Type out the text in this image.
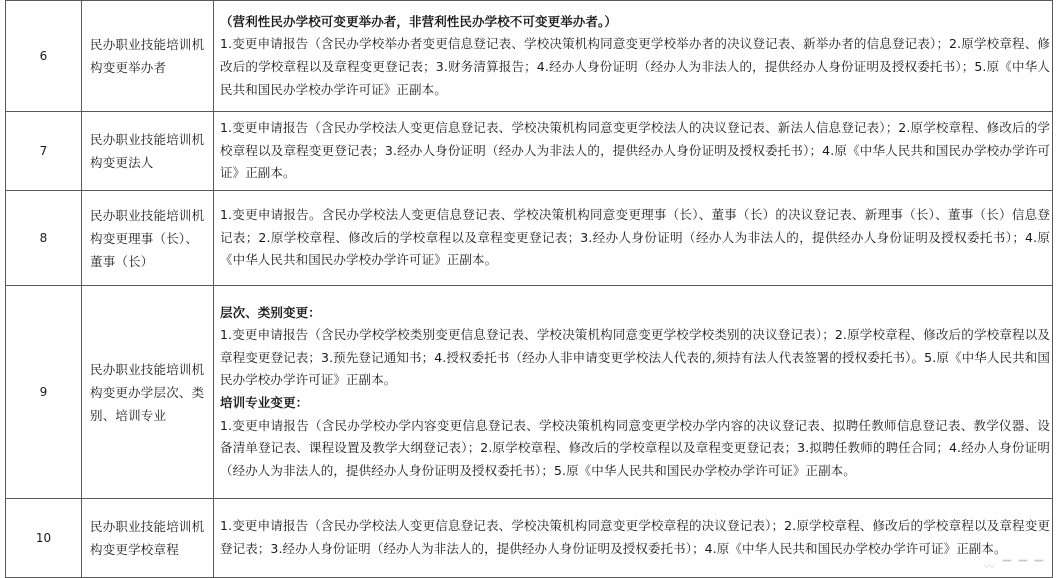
6	民办职业技能培训机构变更举办者	（营利性民办学校可变更举办者，非营利性民办学校不可变更举办者。）
1.变更申请报告（含民办学校举办者变更信息登记表、学校决策机构同意变更学校举办者的决议登记表、新举办者的信息登记表）；2.原学校章程、修改后的学校章程以及章程变更登记表；3.财务清算报告；4.经办人身份证明（经办人为非法人的，提供经办人身份证明及授权委托书）；5.原《中华人民共和国民办学校办学许可证》正副本。

7	民办职业技能培训机构变更法人	1.变更申请报告（含民办学校法人变更信息登记表、学校决策机构同意变更学校法人的决议登记表、新法人信息登记表）；2.原学校章程、修改后的学校章程以及章程变更登记表；3.经办人身份证明（经办人为非法人的，提供经办人身份证明及授权委托书）；4.原《中华人民共和国民办学校办学许可证》正副本。

8	民办职业技能培训机构变更理事（长）、董事（长）	1.变更申请报告。含民办学校法人变更信息登记表、学校决策机构同意变更理事（长）、董事（长）的决议登记表、新理事（长）、董事（长）信息登记表；2.原学校章程、修改后的学校章程以及章程变更登记表；3.经办人身份证明（经办人为非法人的，提供经办人身份证明及授权委托书）；4.原《中华人民共和国民办学校办学许可证》正副本。

9	民办职业技能培训机构变更办学层次、类别、培训专业	层次、类别变更：
1.变更申请报告（含民办学校学校类别变更信息登记表、学校决策机构同意变更学校学校类别的决议登记表）；2.原学校章程、修改后的学校章程以及章程变更登记表；3.预先登记通知书；4.授权委托书（经办人非申请变更学校法人代表的,须持有法人代表签署的授权委托书）。5.原《中华人民共和国民办学校办学许可证》正副本。
培训专业变更：
1.变更申请报告（含民办学校办学内容变更信息登记表、学校决策机构同意变更学校办学内容的决议登记表、拟聘任教师信息登记表、教学仪器、设备清单登记表、课程设置及教学大纲登记表）；2.原学校章程、修改后的学校章程以及章程变更登记表；3.拟聘任教师的聘任合同；4.经办人身份证明（经办人为非法人的，提供经办人身份证明及授权委托书）；5.原《中华人民共和国民办学校办学许可证》正副本。

10	民办职业技能培训机构变更学校章程	1.变更申请报告（含民办学校法人变更信息登记表、学校决策机构同意变更学校章程的决议登记表）；2.原学校章程、修改后的学校章程以及章程变更登记表；3.经办人身份证明（经办人为非法人的，提供经办人身份证明及授权委托书）；4.原《中华人民共和国民办学校办学许可证》正副本。
〰 ▔ ▔ ▔
